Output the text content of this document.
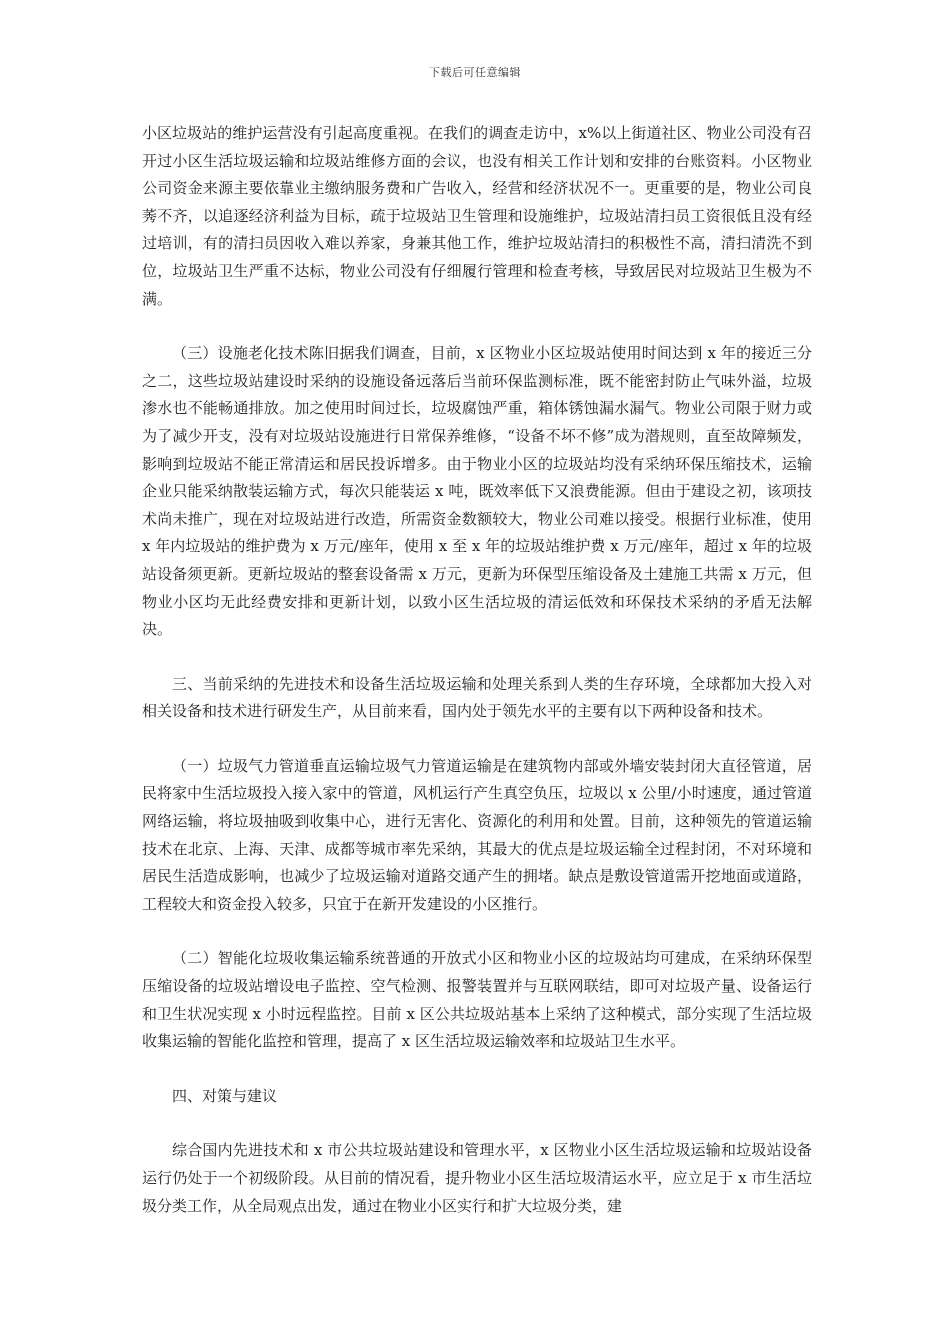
下载后可任意编辑

小区垃圾站的维护运营没有引起高度重视。在我们的调查走访中，x%以上街道社区、物业公司没有召开过小区生活垃圾运输和垃圾站维修方面的会议，也没有相关工作计划和安排的台账资料。小区物业公司资金来源主要依靠业主缴纳服务费和广告收入，经营和经济状况不一。更重要的是，物业公司良莠不齐，以追逐经济利益为目标，疏于垃圾站卫生管理和设施维护，垃圾站清扫员工资很低且没有经过培训，有的清扫员因收入难以养家，身兼其他工作，维护垃圾站清扫的积极性不高，清扫清洗不到位，垃圾站卫生严重不达标，物业公司没有仔细履行管理和检查考核，导致居民对垃圾站卫生极为不满。

（三）设施老化技术陈旧据我们调查，目前，x 区物业小区垃圾站使用时间达到 x 年的接近三分之二，这些垃圾站建设时采纳的设施设备远落后当前环保监测标准，既不能密封防止气味外溢，垃圾渗水也不能畅通排放。加之使用时间过长，垃圾腐蚀严重，箱体锈蚀漏水漏气。物业公司限于财力或为了减少开支，没有对垃圾站设施进行日常保养维修，“设备不坏不修”成为潜规则，直至故障频发，影响到垃圾站不能正常清运和居民投诉增多。由于物业小区的垃圾站均没有采纳环保压缩技术，运输企业只能采纳散装运输方式，每次只能装运 x 吨，既效率低下又浪费能源。但由于建设之初，该项技术尚未推广，现在对垃圾站进行改造，所需资金数额较大，物业公司难以接受。根据行业标准，使用 x 年内垃圾站的维护费为 x 万元/座年，使用 x 至 x 年的垃圾站维护费 x 万元/座年，超过 x 年的垃圾站设备须更新。更新垃圾站的整套设备需 x 万元，更新为环保型压缩设备及土建施工共需 x 万元，但物业小区均无此经费安排和更新计划，以致小区生活垃圾的清运低效和环保技术采纳的矛盾无法解决。

三、当前采纳的先进技术和设备生活垃圾运输和处理关系到人类的生存环境，全球都加大投入对相关设备和技术进行研发生产，从目前来看，国内处于领先水平的主要有以下两种设备和技术。

（一）垃圾气力管道垂直运输垃圾气力管道运输是在建筑物内部或外墙安装封闭大直径管道，居民将家中生活垃圾投入接入家中的管道，风机运行产生真空负压，垃圾以 x 公里/小时速度，通过管道网络运输，将垃圾抽吸到收集中心，进行无害化、资源化的利用和处置。目前，这种领先的管道运输技术在北京、上海、天津、成都等城市率先采纳，其最大的优点是垃圾运输全过程封闭，不对环境和居民生活造成影响，也减少了垃圾运输对道路交通产生的拥堵。缺点是敷设管道需开挖地面或道路，工程较大和资金投入较多，只宜于在新开发建设的小区推行。

（二）智能化垃圾收集运输系统普通的开放式小区和物业小区的垃圾站均可建成，在采纳环保型压缩设备的垃圾站增设电子监控、空气检测、报警装置并与互联网联结，即可对垃圾产量、设备运行和卫生状况实现 x 小时远程监控。目前 x 区公共垃圾站基本上采纳了这种模式，部分实现了生活垃圾收集运输的智能化监控和管理，提高了 x 区生活垃圾运输效率和垃圾站卫生水平。

四、对策与建议

综合国内先进技术和 x 市公共垃圾站建设和管理水平，x 区物业小区生活垃圾运输和垃圾站设备运行仍处于一个初级阶段。从目前的情况看，提升物业小区生活垃圾清运水平，应立足于 x 市生活垃圾分类工作，从全局观点出发，通过在物业小区实行和扩大垃圾分类，建
